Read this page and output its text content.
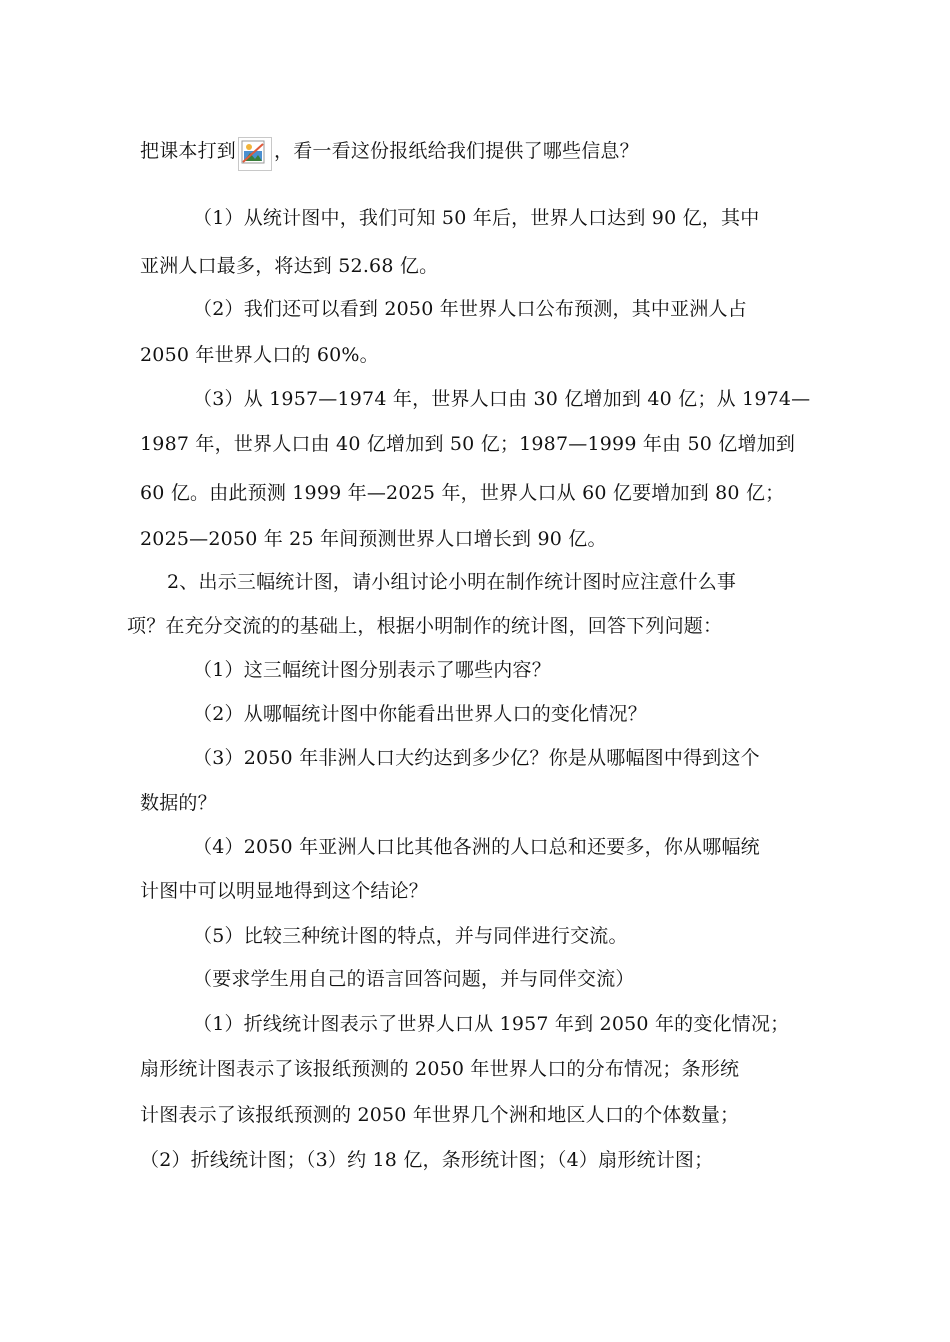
把课本打到 ，看一看这份报纸给我们提供了哪些信息？
（1）从统计图中，我们可知 50 年后，世界人口达到 90 亿，其中
亚洲人口最多，将达到 52.68 亿。
（2）我们还可以看到 2050 年世界人口公布预测，其中亚洲人占
2050 年世界人口的 60%。
（3）从 1957—1974 年，世界人口由 30 亿增加到 40 亿；从 1974—
1987 年，世界人口由 40 亿增加到 50 亿；1987—1999 年由 50 亿增加到
60 亿。由此预测 1999 年—2025 年，世界人口从 60 亿要增加到 80 亿；
2025—2050 年 25 年间预测世界人口增长到 90 亿。
2、出示三幅统计图，请小组讨论小明在制作统计图时应注意什么事
项？在充分交流的的基础上，根据小明制作的统计图，回答下列问题：
（1）这三幅统计图分别表示了哪些内容？
（2）从哪幅统计图中你能看出世界人口的变化情况？
（3）2050 年非洲人口大约达到多少亿？你是从哪幅图中得到这个
数据的？
（4）2050 年亚洲人口比其他各洲的人口总和还要多，你从哪幅统
计图中可以明显地得到这个结论？
（5）比较三种统计图的特点，并与同伴进行交流。
（要求学生用自己的语言回答问题，并与同伴交流）
（1）折线统计图表示了世界人口从 1957 年到 2050 年的变化情况；
扇形统计图表示了该报纸预测的 2050 年世界人口的分布情况；条形统
计图表示了该报纸预测的 2050 年世界几个洲和地区人口的个体数量；
（2）折线统计图；（3）约 18 亿，条形统计图；（4）扇形统计图；
